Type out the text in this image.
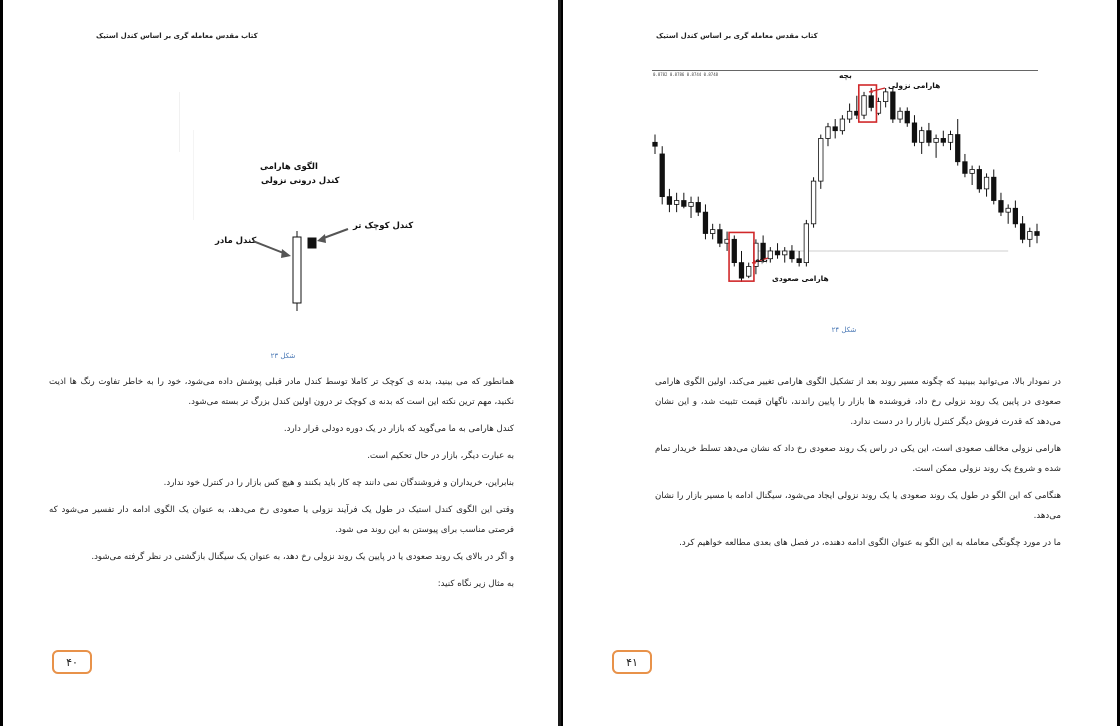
کتاب مقدس معامله گری بر اساس کندل استیک
الگوی هارامی
کندل درونی نزولی
کندل کوچک تر
کندل مادر
شکل ۲۳

همانطور که می بینید، بدنه ی کوچک تر کاملا توسط کندل مادر قبلی پوشش داده می‌شود، خود را به خاطر تفاوت رنگ ها اذیت نکنید، مهم ترین نکته این است که بدنه ی کوچک تر درون اولین کندل بزرگ تر بسته می‌شود.

کندل هارامی به ما می‌گوید که بازار در یک دوره دودلی قرار دارد.

به عبارت دیگر، بازار در حال تحکیم است.

بنابراین، خریداران و فروشندگان نمی دانند چه کار باید بکنند و هیچ کس بازار را در کنترل خود ندارد.

وقتی این الگوی کندل استیک در طول یک فرآیند نزولی یا صعودی رخ می‌دهد، به عنوان یک الگوی ادامه دار تفسیر می‌شود که فرصتی مناسب برای پیوستن به این روند می شود.

و اگر در بالای یک روند صعودی یا در پایین یک روند نزولی رخ دهد، به عنوان یک سیگنال بازگشتی در نظر گرفته می‌شود.

به مثال زیر نگاه کنید:

۴۰
کتاب مقدس معامله گری بر اساس کندل استیک
0.8782 0.8786 0.8744 0.8748	بچه
هارامی نزولی
بچه
هارامی صعودی
شکل ۲۴

در نمودار بالا، می‌توانید ببینید که چگونه مسیر روند بعد از تشکیل الگوی هارامی تغییر می‌کند، اولین الگوی هارامی صعودی در پایین یک روند نزولی رخ داد، فروشنده ها بازار را پایین راندند، ناگهان قیمت تثبیت شد، و این نشان می‌دهد که قدرت فروش دیگر کنترل بازار را در دست ندارد.

هارامی نزولی مخالف صعودی است، این یکی در راس یک روند صعودی رخ داد که نشان می‌دهد تسلط خریدار تمام شده و شروع یک روند نزولی ممکن است.

هنگامی که این الگو در طول یک روند صعودی یا یک روند نزولی ایجاد می‌شود، سیگنال ادامه با مسیر بازار را نشان می‌دهد.

ما در مورد چگونگی معامله به این الگو به عنوان الگوی ادامه دهنده، در فصل های بعدی مطالعه خواهیم کرد.

۴۱
